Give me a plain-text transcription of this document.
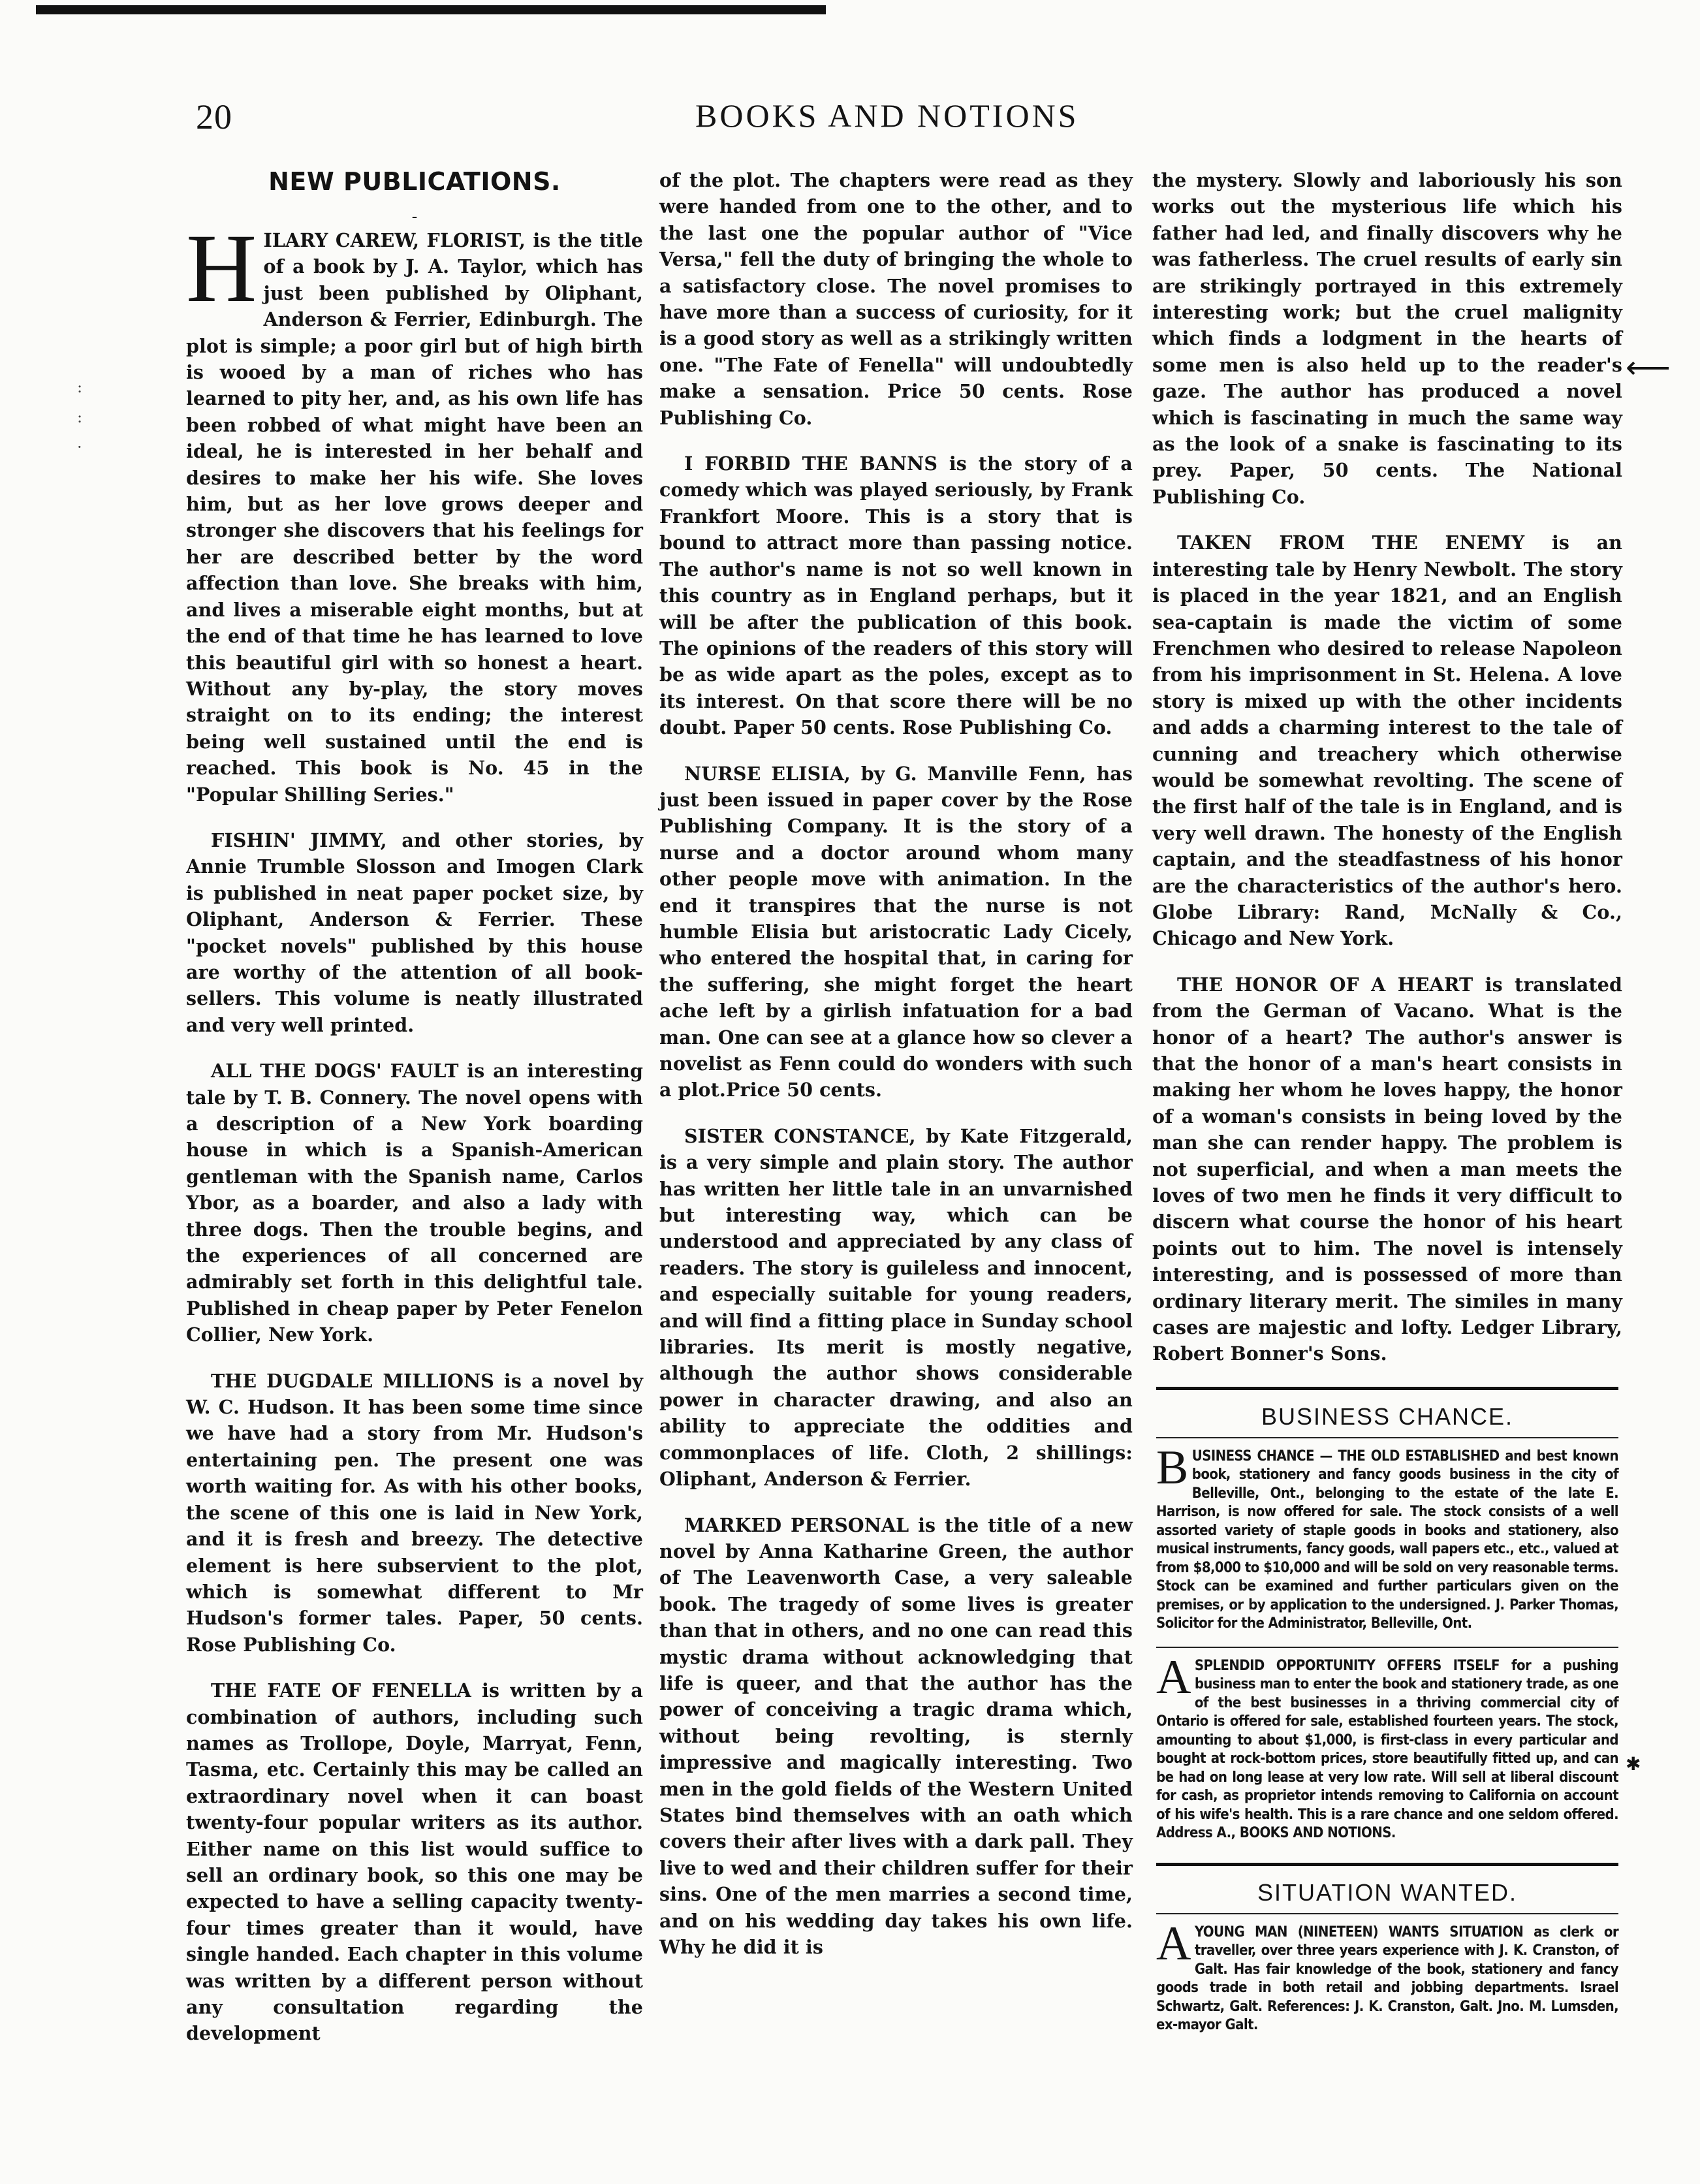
20	BOOKS AND NOTIONS
NEW PUBLICATIONS.
-

HILARY CAREW, FLORIST, is the title of a book by J. A. Taylor, which has just been published by Oliphant, Anderson & Ferrier, Edinburgh. The plot is simple; a poor girl but of high birth is wooed by a man of riches who has learned to pity her, and, as his own life has been robbed of what might have been an ideal, he is interested in her behalf and desires to make her his wife. She loves him, but as her love grows deeper and stronger she discovers that his feelings for her are described better by the word affection than love. She breaks with him, and lives a miserable eight months, but at the end of that time he has learned to love this beautiful girl with so honest a heart. Without any by-play, the story moves straight on to its ending; the interest being well sustained until the end is reached. This book is No. 45 in the "Popular Shilling Series."

FISHIN' JIMMY, and other stories, by Annie Trumble Slosson and Imogen Clark is published in neat paper pocket size, by Oliphant, Anderson & Ferrier. These "pocket novels" published by this house are worthy of the attention of all book-sellers. This volume is neatly illustrated and very well printed.

ALL THE DOGS' FAULT is an interesting tale by T. B. Connery. The novel opens with a description of a New York boarding house in which is a Spanish-American gentleman with the Spanish name, Carlos Ybor, as a boarder, and also a lady with three dogs. Then the trouble begins, and the experiences of all concerned are admirably set forth in this delightful tale. Published in cheap paper by Peter Fenelon Collier, New York.

THE DUGDALE MILLIONS is a novel by W. C. Hudson. It has been some time since we have had a story from Mr. Hudson's entertaining pen. The present one was worth waiting for. As with his other books, the scene of this one is laid in New York, and it is fresh and breezy. The detective element is here subservient to the plot, which is somewhat different to Mr Hudson's former tales. Paper, 50 cents. Rose Publishing Co.

THE FATE OF FENELLA is written by a combination of authors, including such names as Trollope, Doyle, Marryat, Fenn, Tasma, etc. Certainly this may be called an extraordinary novel when it can boast twenty-four popular writers as its author. Either name on this list would suffice to sell an ordinary book, so this one may be expected to have a selling capacity twenty-four times greater than it would, have single handed. Each chapter in this volume was written by a different person without any consultation regarding the development

of the plot. The chapters were read as they were handed from one to the other, and to the last one the popular author of "Vice Versa," fell the duty of bringing the whole to a satisfactory close. The novel promises to have more than a success of curiosity, for it is a good story as well as a strikingly written one. "The Fate of Fenella" will undoubtedly make a sensation. Price 50 cents. Rose Publishing Co.

I FORBID THE BANNS is the story of a comedy which was played seriously, by Frank Frankfort Moore. This is a story that is bound to attract more than passing notice. The author's name is not so well known in this country as in England perhaps, but it will be after the publication of this book. The opinions of the readers of this story will be as wide apart as the poles, except as to its interest. On that score there will be no doubt. Paper 50 cents. Rose Publishing Co.

NURSE ELISIA, by G. Manville Fenn, has just been issued in paper cover by the Rose Publishing Company. It is the story of a nurse and a doctor around whom many other people move with animation. In the end it transpires that the nurse is not humble Elisia but aristocratic Lady Cicely, who entered the hospital that, in caring for the suffering, she might forget the heart ache left by a girlish infatuation for a bad man. One can see at a glance how so clever a novelist as Fenn could do wonders with such a plot.Price 50 cents.

SISTER CONSTANCE, by Kate Fitzgerald, is a very simple and plain story. The author has written her little tale in an unvarnished but interesting way, which can be understood and appreciated by any class of readers. The story is guileless and innocent, and especially suitable for young readers, and will find a fitting place in Sunday school libraries. Its merit is mostly negative, although the author shows considerable power in character drawing, and also an ability to appreciate the oddities and commonplaces of life. Cloth, 2 shillings: Oliphant, Anderson & Ferrier.

MARKED PERSONAL is the title of a new novel by Anna Katharine Green, the author of The Leavenworth Case, a very saleable book. The tragedy of some lives is greater than that in others, and no one can read this mystic drama without acknowledging that life is queer, and that the author has the power of conceiving a tragic drama which, without being revolting, is sternly impressive and magically interesting. Two men in the gold fields of the Western United States bind themselves with an oath which covers their after lives with a dark pall. They live to wed and their children suffer for their sins. One of the men marries a second time, and on his wedding day takes his own life. Why he did it is

the mystery. Slowly and laboriously his son works out the mysterious life which his father had led, and finally discovers why he was fatherless. The cruel results of early sin are strikingly portrayed in this extremely interesting work; but the cruel malignity which finds a lodgment in the hearts of some men is also held up to the reader's gaze. The author has produced a novel which is fascinating in much the same way as the look of a snake is fascinating to its prey. Paper, 50 cents. The National Publishing Co.

TAKEN FROM THE ENEMY is an interesting tale by Henry Newbolt. The story is placed in the year 1821, and an English sea-captain is made the victim of some Frenchmen who desired to release Napoleon from his imprisonment in St. Helena. A love story is mixed up with the other incidents and adds a charming interest to the tale of cunning and treachery which otherwise would be somewhat revolting. The scene of the first half of the tale is in England, and is very well drawn. The honesty of the English captain, and the steadfastness of his honor are the characteristics of the author's hero. Globe Library: Rand, McNally & Co., Chicago and New York.

THE HONOR OF A HEART is translated from the German of Vacano. What is the honor of a heart? The author's answer is that the honor of a man's heart consists in making her whom he loves happy, the honor of a woman's consists in being loved by the man she can render happy. The problem is not superficial, and when a man meets the loves of two men he finds it very difficult to discern what course the honor of his heart points out to him. The novel is intensely interesting, and is possessed of more than ordinary literary merit. The similes in many cases are majestic and lofty. Ledger Library, Robert Bonner's Sons.

BUSINESS CHANCE.
BUSINESS CHANCE — THE OLD ESTABLISHED and best known book, stationery and fancy goods business in the city of Belleville, Ont., belonging to the estate of the late E. Harrison, is now offered for sale. The stock consists of a well assorted variety of staple goods in books and stationery, also musical instruments, fancy goods, wall papers etc., etc., valued at from $8,000 to $10,000 and will be sold on very reasonable terms. Stock can be examined and further particulars given on the premises, or by application to the undersigned. J. Parker Thomas, Solicitor for the Administrator, Belleville, Ont.
ASPLENDID OPPORTUNITY OFFERS ITSELF for a pushing business man to enter the book and stationery trade, as one of the best businesses in a thriving commercial city of Ontario is offered for sale, established fourteen years. The stock, amounting to about $1,000, is first-class in every particular and bought at rock-bottom prices, store beautifully fitted up, and can be had on long lease at very low rate. Will sell at liberal discount for cash, as proprietor intends removing to California on account of his wife's health. This is a rare chance and one seldom offered. Address A., BOOKS AND NOTIONS.
SITUATION WANTED.
AYOUNG MAN (NINETEEN) WANTS SITUATION as clerk or traveller, over three years experience with J. K. Cranston, of Galt. Has fair knowledge of the book, stationery and fancy goods trade in both retail and jobbing departments. Israel Schwartz, Galt. References: J. K. Cranston, Galt. Jno. M. Lumsden, ex-mayor Galt.
:
:
·
⟵
✱
